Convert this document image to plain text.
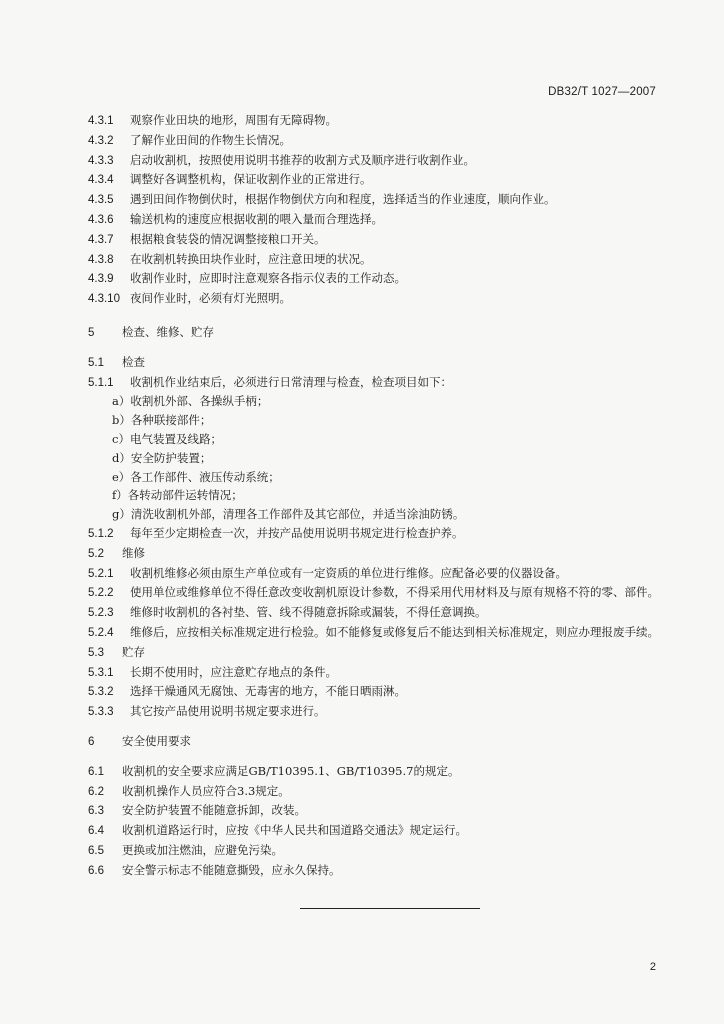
DB32/T 1027—2007
4.3.1 观察作业田块的地形，周围有无障碍物。
4.3.2 了解作业田间的作物生长情况。
4.3.3 启动收割机，按照使用说明书推荐的收割方式及顺序进行收割作业。
4.3.4 调整好各调整机构，保证收割作业的正常进行。
4.3.5 遇到田间作物倒伏时，根据作物倒伏方向和程度，选择适当的作业速度，顺向作业。
4.3.6 输送机构的速度应根据收割的喂入量而合理选择。
4.3.7 根据粮食装袋的情况调整接粮口开关。
4.3.8 在收割机转换田块作业时，应注意田埂的状况。
4.3.9 收割作业时，应即时注意观察各指示仪表的工作动态。
4.3.10 夜间作业时，必须有灯光照明。
5 检查、维修、贮存
5.1 检查
5.1.1 收割机作业结束后，必须进行日常清理与检查，检查项目如下：
a）收割机外部、各操纵手柄；
b）各种联接部件；
c）电气装置及线路；
d）安全防护装置；
e）各工作部件、液压传动系统；
f）各转动部件运转情况；
g）清洗收割机外部，清理各工作部件及其它部位，并适当涂油防锈。
5.1.2 每年至少定期检查一次，并按产品使用说明书规定进行检查护养。
5.2 维修
5.2.1 收割机维修必须由原生产单位或有一定资质的单位进行维修。应配备必要的仪器设备。
5.2.2 使用单位或维修单位不得任意改变收割机原设计参数，不得采用代用材料及与原有规格不符的零、部件。
5.2.3 维修时收割机的各衬垫、管、线不得随意拆除或漏装，不得任意调换。
5.2.4 维修后，应按相关标准规定进行检验。如不能修复或修复后不能达到相关标准规定，则应办理报废手续。
5.3 贮存
5.3.1 长期不使用时，应注意贮存地点的条件。
5.3.2 选择干燥通风无腐蚀、无毒害的地方，不能日晒雨淋。
5.3.3 其它按产品使用说明书规定要求进行。
6 安全使用要求
6.1 收割机的安全要求应满足GB/T10395.1、GB/T10395.7的规定。
6.2 收割机操作人员应符合3.3规定。
6.3 安全防护装置不能随意拆卸，改装。
6.4 收割机道路运行时，应按《中华人民共和国道路交通法》规定运行。
6.5 更换或加注燃油，应避免污染。
6.6 安全警示标志不能随意撕毁，应永久保持。
2
